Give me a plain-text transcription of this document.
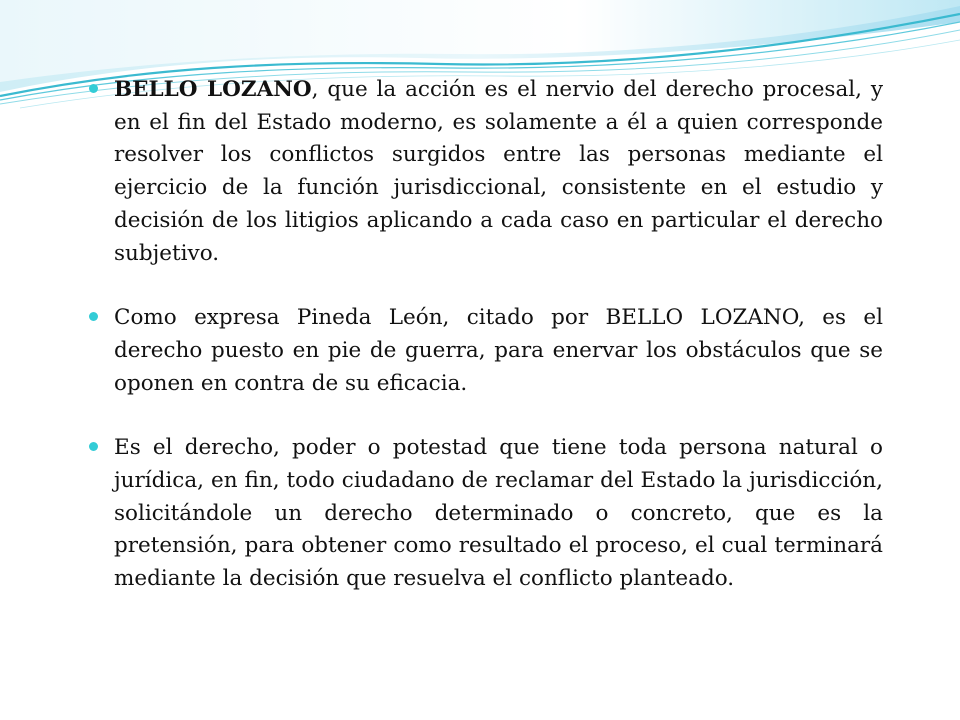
BELLO LOZANO, que la acción es el nervio del derecho procesal, y en el fin del Estado moderno, es solamente a él a quien corresponde resolver los conflictos surgidos entre las personas mediante el ejercicio de la función jurisdiccional, consistente en el estudio y decisión de los litigios aplicando a cada caso en particular el derecho subjetivo.
Como expresa Pineda León, citado por BELLO LOZANO, es el derecho puesto en pie de guerra, para enervar los obstáculos que se oponen en contra de su eficacia.
Es el derecho, poder o potestad que tiene toda persona natural o jurídica, en fin, todo ciudadano de reclamar del Estado la jurisdicción, solicitándole un derecho determinado o concreto, que es la pretensión, para obtener como resultado el proceso, el cual terminará mediante la decisión que resuelva el conflicto planteado.
